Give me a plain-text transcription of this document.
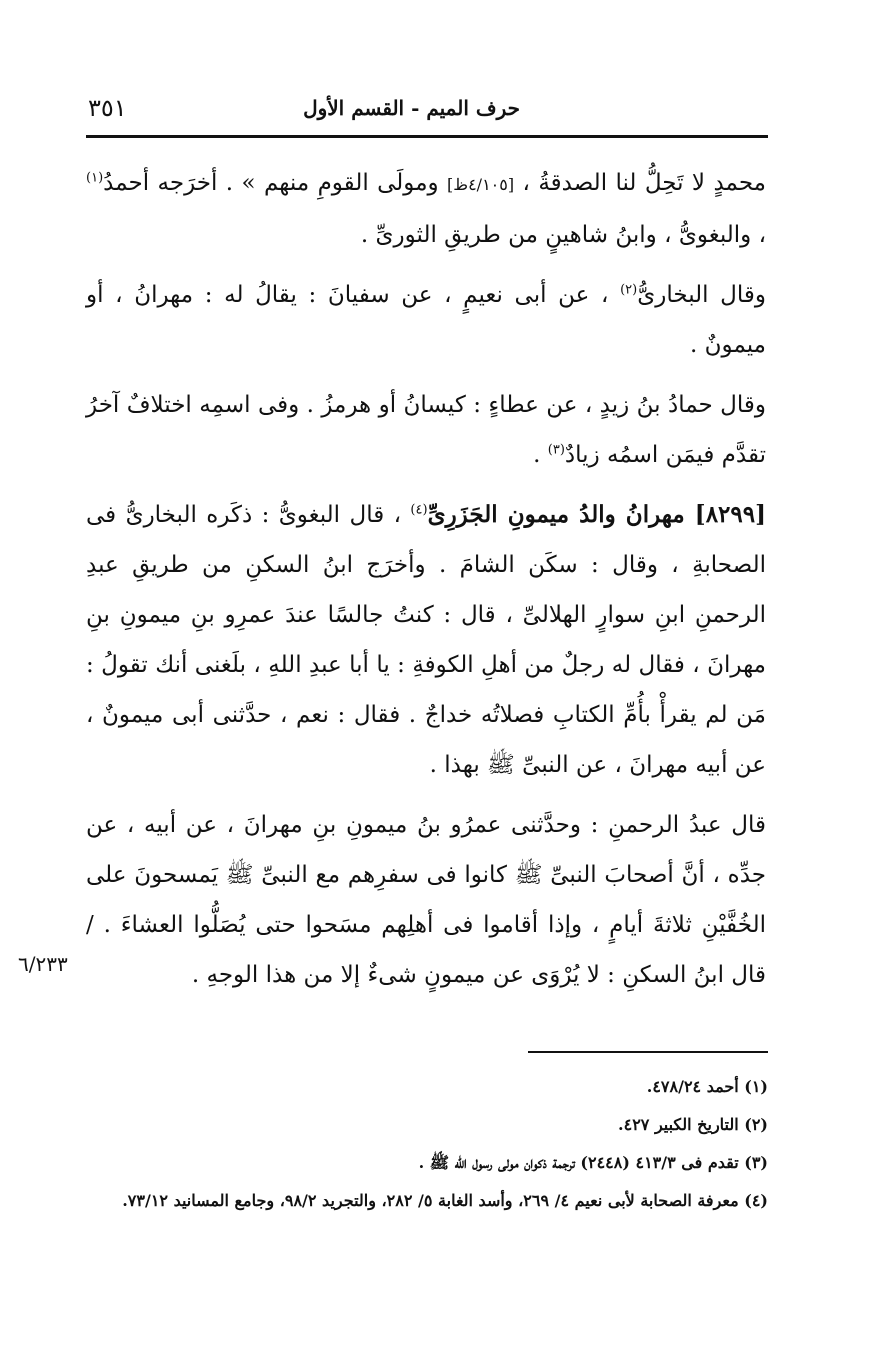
٣٥١	حرف الميم - القسم الأول

محمدٍ لا تَحِلُّ لنا الصدقةُ ، [٤/١٠٥ظ] ومولَى القومِ منهم » . أخرَجه أحمدُ$^{(١)}$ ، والبغوىُّ ، وابنُ شاهينٍ من طريقِ الثورىِّ .

وقال البخارىُّ$^{(٢)}$ ، عن أبى نعيمٍ ، عن سفيانَ : يقالُ له : مهرانُ ، أو ميمونٌ .

وقال حمادُ بنُ زيدٍ ، عن عطاءٍ : كيسانُ أو هرمزُ . وفى اسمِه اختلافٌ آخرُ تقدَّم فيمَن اسمُه زيادٌ$^{(٣)}$ .

[٨٢٩٩] مهرانُ والدُ ميمونِ الجَزَرِىِّ$^{(٤)}$ ، قال البغوىُّ : ذكَره البخارىُّ فى الصحابةِ ، وقال : سكَن الشامَ . وأخرَج ابنُ السكنِ من طريقِ عبدِ الرحمنِ ابنِ سوارٍ الهلالىِّ ، قال : كنتُ جالسًا عندَ عمرِو بنِ ميمونِ بنِ مهرانَ ، فقال له رجلٌ من أهلِ الكوفةِ : يا أبا عبدِ اللهِ ، بلَغنى أنك تقولُ : مَن لم يقرأْ بأُمِّ الكتابِ فصلاتُه خداجٌ . فقال : نعم ، حدَّثنى أبى ميمونٌ ، عن أبيه مهرانَ ، عن النبىِّ ﷺ بهذا .

قال عبدُ الرحمنِ : وحدَّثنى عمرُو بنُ ميمونِ بنِ مهرانَ ، عن أبيه ، عن جدِّه ، أنَّ أصحابَ النبىِّ ﷺ كانوا فى سفرِهم مع النبىِّ ﷺ يَمسحونَ على الخُفَّيْنِ ثلاثةَ أيامٍ ، وإذا أقاموا فى أهلِهم مسَحوا حتى يُصَلُّوا العشاءَ . / قال ابنُ السكنِ : لا يُرْوَى عن ميمونٍ شىءٌ إلا من هذا الوجهِ .

٦/٢٣٣

(١) أحمد ٤٧٨/٢٤.

(٢) التاريخ الكبير ٤٢٧.

(٣) تقدم فى ٤١٣/٣ (٢٤٤٨) ترجمة ذكوان مولى رسول الله ﷺ .

(٤) معرفة الصحابة لأبى نعيم ٤/ ٢٦٩، وأسد الغابة ٥/ ٢٨٢، والتجريد ٩٨/٢، وجامع المسانيد ٧٣/١٢.
